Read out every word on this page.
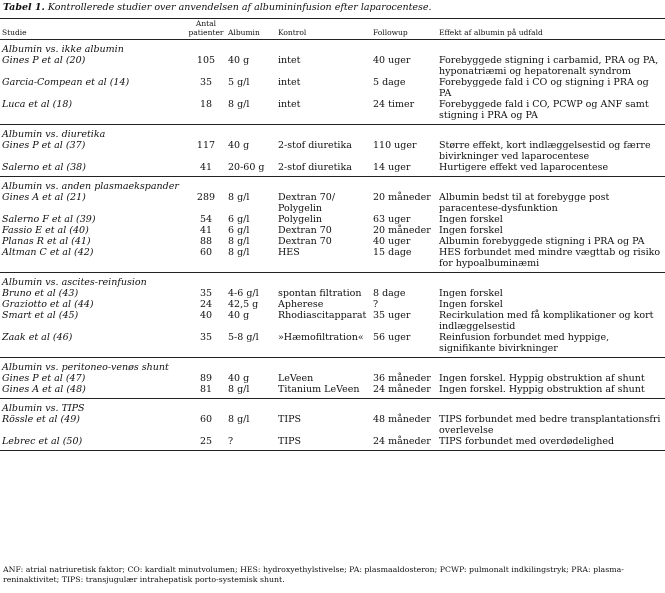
Tabel 1. Kontrollerede studier over anvendelsen af albumininfusion efter laparocentese.

Studie	Antal patienter	Albumin	Kontrol	Followup	Effekt af albumin på udfald
Albumin vs. ikke albumin					
Gines P et al (20)	105	40 g	intet	40 uger	Forebyggede stigning i carbamid, PRA og PA, hyponatriæmi og hepatorenalt syndrom
Garcia-Compean et al (14)	35	5 g/l	intet	5 dage	Forebyggede fald i CO og stigning i PRA og PA
Luca et al (18)	18	8 g/l	intet	24 timer	Forebyggede fald i CO, PCWP og ANF samt stigning i PRA og PA

Albumin vs. diuretika					
Gines P et al (37)	117	40 g	2-stof diuretika	110 uger	Større effekt, kort indlæggelsestid og færre bivirkninger ved laparocentese
Salerno et al (38)	41	20-60 g	2-stof diuretika	14 uger	Hurtigere effekt ved laparocentese

Albumin vs. anden plasmaekspander					
Gines A et al (21)	289	8 g/l	Dextran 70/ Polygelin	20 måneder	Albumin bedst til at forebygge post paracentese-dysfunktion
Salerno F et al (39)	54	6 g/l	Polygelin	63 uger	Ingen forskel
Fassio E et al (40)	41	6 g/l	Dextran 70	20 måneder	Ingen forskel
Planas R et al (41)	88	8 g/l	Dextran 70	40 uger	Albumin forebyggede stigning i PRA og PA
Altman C et al (42)	60	8 g/l	HES	15 dage	HES forbundet med mindre vægttab og risiko for hypoalbuminæmi

Albumin vs. ascites-reinfusion					
Bruno et al (43)	35	4-6 g/l	spontan filtration	8 dage	Ingen forskel
Graziotto et al (44)	24	42,5 g	Apherese	?	Ingen forskel
Smart et al (45)	40	40 g	Rhodiascitapparat	35 uger	Recirkulation med få komplikationer og kort indlæggelsestid
Zaak et al (46)	35	5-8 g/l	»Hæmofiltration«	56 uger	Reinfusion forbundet med hyppige, signifikante bivirkninger

Albumin vs. peritoneo-venøs shunt					
Gines P et al (47)	89	40 g	LeVeen	36 måneder	Ingen forskel. Hyppig obstruktion af shunt
Gines A et al (48)	81	8 g/l	Titanium LeVeen	24 måneder	Ingen forskel. Hyppig obstruktion af shunt

Albumin vs. TIPS					
Rössle et al (49)	60	8 g/l	TIPS	48 måneder	TIPS forbundet med bedre transplantationsfri overlevelse
Lebrec et al (50)	25	?	TIPS	24 måneder	TIPS forbundet med overdødelighed

ANF: atrial natriuretisk faktor; CO: kardialt minutvolumen; HES: hydroxyethylstivelse; PA: plasmaaldosteron; PCWP: pulmonalt indkilingstryk; PRA: plasma-reninaktivitet; TIPS: transjugulær intrahepatisk porto-systemisk shunt.
